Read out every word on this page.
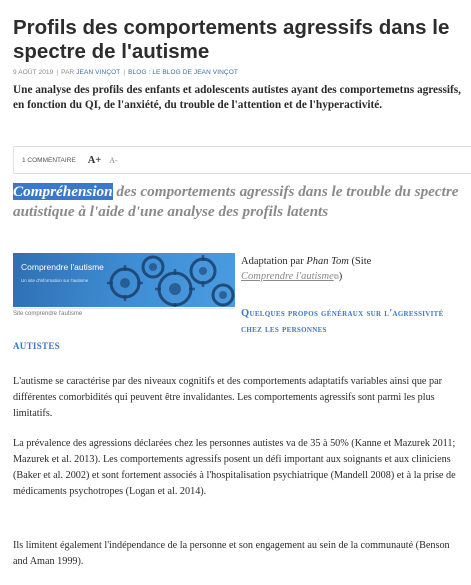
Profils des comportements agressifs dans le spectre de l'autisme
9 AOÛT 2019 | PAR JEAN VINÇOT | BLOG : LE BLOG DE JEAN VINÇOT

Une analyse des profils des enfants et adolescents autistes ayant des comportemetns agressifs, en fonction du QI, de l'anxiété, du trouble de l'attention et de l'hyperactivité.

1 COMMENTAIRE A+ A-
Compréhension des comportements agressifs dans le trouble du spectre autistique à l'aide d'une analyse des profils latents
Comprendre l'autisme
Un site d'information sur l'autisme
Site comprendre l'autisme
Adaptation par Phan Tom (Site
Comprendre l'autisme⧉)
Quelques propos généraux sur l'agressivité chez les personnes
AUTISTES

L'autisme se caractérise par des niveaux cognitifs et des comportements adaptatifs variables ainsi que par différentes comorbidités qui peuvent être invalidantes. Les comportements agressifs sont parmi les plus limitatifs.

La prévalence des agressions déclarées chez les personnes autistes va de 35 à 50% (Kanne et Mazurek 2011; Mazurek et al. 2013). Les comportements agressifs posent un défi important aux soignants et aux cliniciens (Baker et al. 2002) et sont fortement associés à l'hospitalisation psychiatrique (Mandell 2008) et à la prise de médicaments psychotropes (Logan et al. 2014).

Ils limitent également l'indépendance de la personne et son engagement au sein de la communauté (Benson and Aman 1999).
